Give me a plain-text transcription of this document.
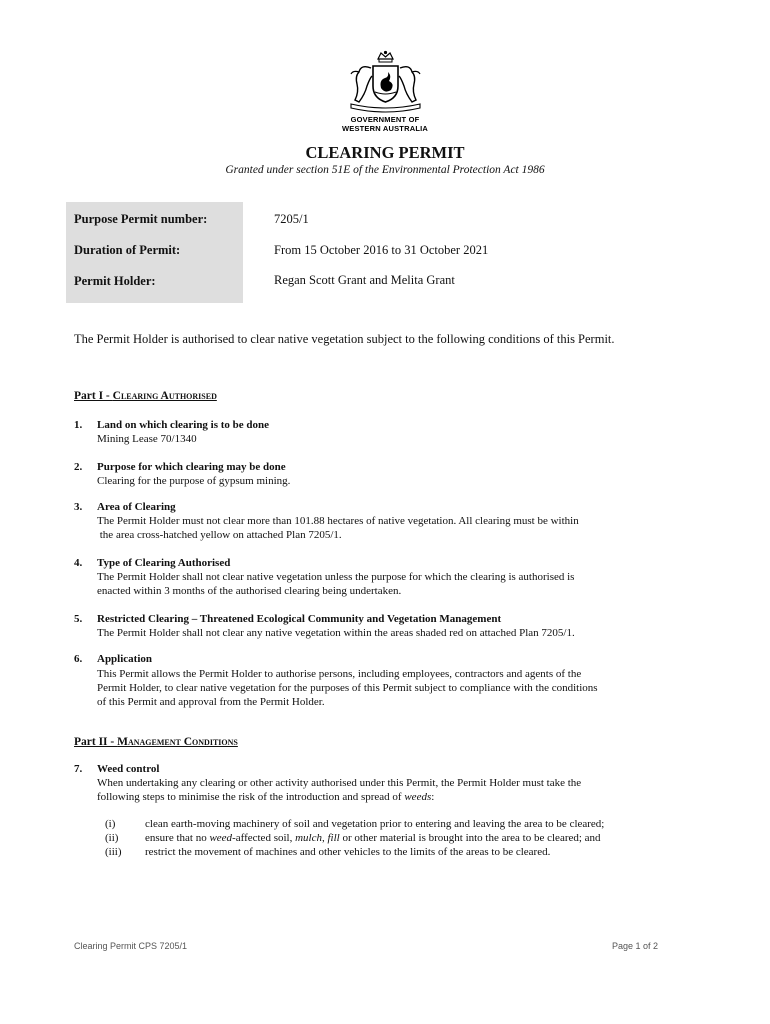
GOVERNMENT OF
WESTERN AUSTRALIA
CLEARING PERMIT
Granted under section 51E of the Environmental Protection Act 1986
Purpose Permit number:	7205/1
Duration of Permit:	From 15 October 2016 to 31 October 2021
Permit Holder:	Regan Scott Grant and Melita Grant
The Permit Holder is authorised to clear native vegetation subject to the following conditions of this Permit.
Part I - Clearing Authorised
1. Land on which clearing is to be done
Mining Lease 70/1340
2. Purpose for which clearing may be done
Clearing for the purpose of gypsum mining.
3. Area of Clearing
The Permit Holder must not clear more than 101.88 hectares of native vegetation. All clearing must be within
the area cross-hatched yellow on attached Plan 7205/1.
4. Type of Clearing Authorised
The Permit Holder shall not clear native vegetation unless the purpose for which the clearing is authorised is
enacted within 3 months of the authorised clearing being undertaken.
5. Restricted Clearing – Threatened Ecological Community and Vegetation Management
The Permit Holder shall not clear any native vegetation within the areas shaded red on attached Plan 7205/1.
6. Application
This Permit allows the Permit Holder to authorise persons, including employees, contractors and agents of the
Permit Holder, to clear native vegetation for the purposes of this Permit subject to compliance with the conditions
of this Permit and approval from the Permit Holder.
Part II - Management Conditions
7. Weed control
When undertaking any clearing or other activity authorised under this Permit, the Permit Holder must take the
following steps to minimise the risk of the introduction and spread of weeds:
(i)	clean earth-moving machinery of soil and vegetation prior to entering and leaving the area to be cleared;
(ii) ensure that no weed-affected soil, mulch, fill or other material is brought into the area to be cleared; and
(iii) restrict the movement of machines and other vehicles to the limits of the areas to be cleared.
Clearing Permit CPS 7205/1	Page 1 of 2
